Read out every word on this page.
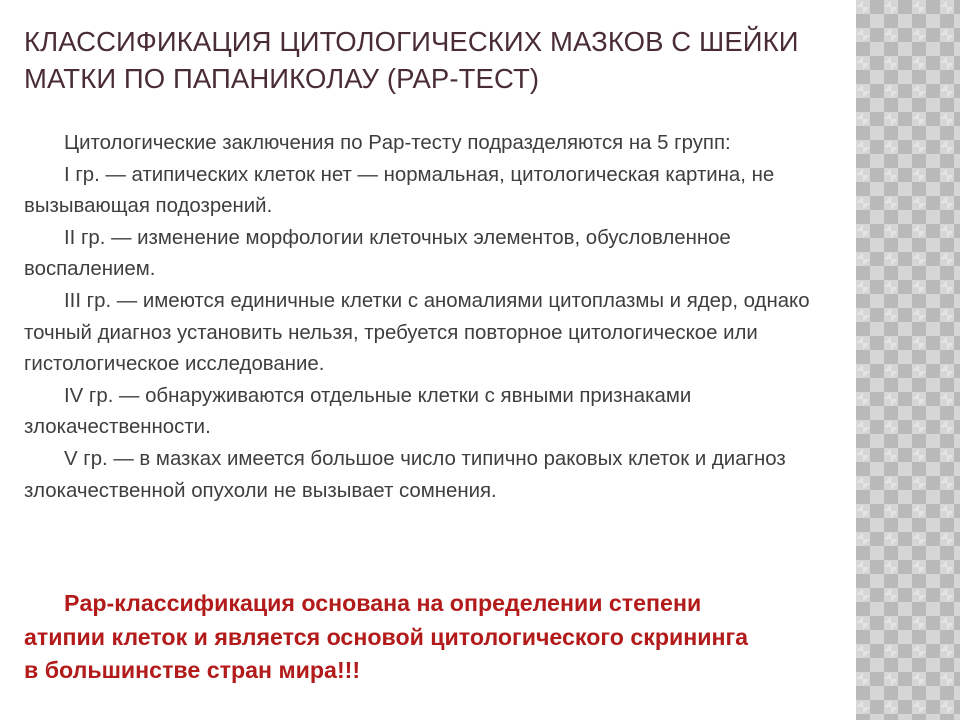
КЛАССИФИКАЦИЯ ЦИТОЛОГИЧЕСКИХ МАЗКОВ С ШЕЙКИ МАТКИ ПО ПАПАНИКОЛАУ (PAP-ТЕСТ)

Цитологические заключения по Pap-тесту подразделяются на 5 групп:

I гр. — атипических клеток нет — нормальная, цитологическая картина, не вызывающая подозрений.

II гр. — изменение морфологии клеточных элементов, обусловленное воспалением.

III гр. — имеются единичные клетки с аномалиями цитоплазмы и ядер, однако точный диагноз установить нельзя, требуется повторное цитологическое или гистологическое исследование.

IV гр. — обнаруживаются отдельные клетки с явными признаками злокачественности.

V гр. — в мазках имеется большое число типично раковых клеток и диагноз злокачественной опухоли не вызывает сомнения.

Pap-классификация основана на определении степени атипии клеток и является основой цитологического скрининга в большинстве стран мира!!!
